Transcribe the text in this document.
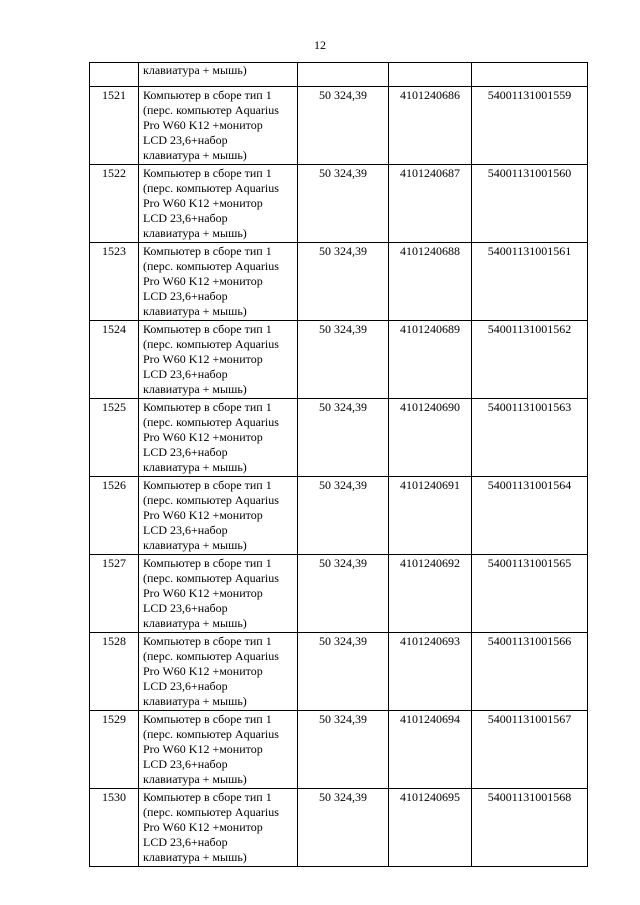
12
	клавиатура + мышь)			
1521	Компьютер в сборе тип 1
(перс. компьютер Aquarius
Pro W60 K12 +монитор
LCD 23,6+набор
клавиатура + мышь)	50 324,39	4101240686	54001131001559
1522	Компьютер в сборе тип 1
(перс. компьютер Aquarius
Pro W60 K12 +монитор
LCD 23,6+набор
клавиатура + мышь)	50 324,39	4101240687	54001131001560
1523	Компьютер в сборе тип 1
(перс. компьютер Aquarius
Pro W60 K12 +монитор
LCD 23,6+набор
клавиатура + мышь)	50 324,39	4101240688	54001131001561
1524	Компьютер в сборе тип 1
(перс. компьютер Aquarius
Pro W60 K12 +монитор
LCD 23,6+набор
клавиатура + мышь)	50 324,39	4101240689	54001131001562
1525	Компьютер в сборе тип 1
(перс. компьютер Aquarius
Pro W60 K12 +монитор
LCD 23,6+набор
клавиатура + мышь)	50 324,39	4101240690	54001131001563
1526	Компьютер в сборе тип 1
(перс. компьютер Aquarius
Pro W60 K12 +монитор
LCD 23,6+набор
клавиатура + мышь)	50 324,39	4101240691	54001131001564
1527	Компьютер в сборе тип 1
(перс. компьютер Aquarius
Pro W60 K12 +монитор
LCD 23,6+набор
клавиатура + мышь)	50 324,39	4101240692	54001131001565
1528	Компьютер в сборе тип 1
(перс. компьютер Aquarius
Pro W60 K12 +монитор
LCD 23,6+набор
клавиатура + мышь)	50 324,39	4101240693	54001131001566
1529	Компьютер в сборе тип 1
(перс. компьютер Aquarius
Pro W60 K12 +монитор
LCD 23,6+набор
клавиатура + мышь)	50 324,39	4101240694	54001131001567
1530	Компьютер в сборе тип 1
(перс. компьютер Aquarius
Pro W60 K12 +монитор
LCD 23,6+набор
клавиатура + мышь)	50 324,39	4101240695	54001131001568
